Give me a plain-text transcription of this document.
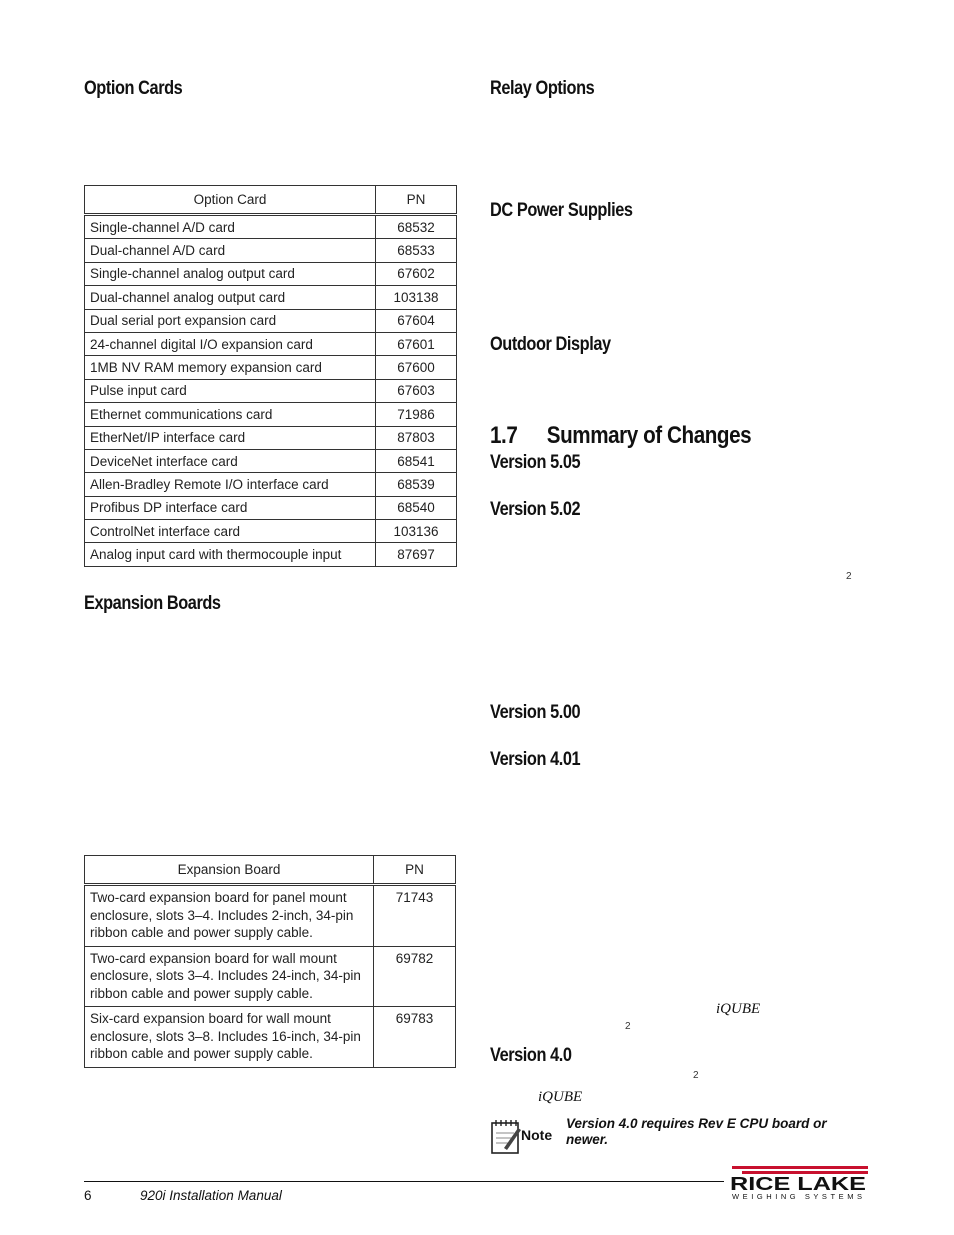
Option Cards
Option Card	PN
Single-channel A/D card	68532
Dual-channel A/D card	68533
Single-channel analog output card	67602
Dual-channel analog output card	103138
Dual serial port expansion card	67604
24-channel digital I/O expansion card	67601
1MB NV RAM memory expansion card	67600
Pulse input card	67603
Ethernet communications card	71986
EtherNet/IP interface card	87803
DeviceNet interface card	68541
Allen-Bradley Remote I/O interface card	68539
Profibus DP interface card	68540
ControlNet interface card	103136
Analog input card with thermocouple input	87697
Expansion Boards
Expansion Board	PN
Two-card expansion board for panel mount enclosure, slots 3–4. Includes 2-inch, 34-pin ribbon cable and power supply cable.	71743
Two-card expansion board for wall mount enclosure, slots 3–4. Includes 24-inch, 34-pin ribbon cable and power supply cable.	69782
Six-card expansion board for wall mount enclosure, slots 3–8. Includes 16-inch, 34-pin ribbon cable and power supply cable.	69783
Relay Options
DC Power Supplies
Outdoor Display
1.7 Summary of Changes
Version 5.05
Version 5.02
2
Version 5.00
Version 4.01
iQUBE
2
Version 4.0
2
iQUBE
Note
Version 4.0 requires Rev E CPU board or newer.
6	920i Installation Manual
RICE LAKE
WEIGHING SYSTEMS
